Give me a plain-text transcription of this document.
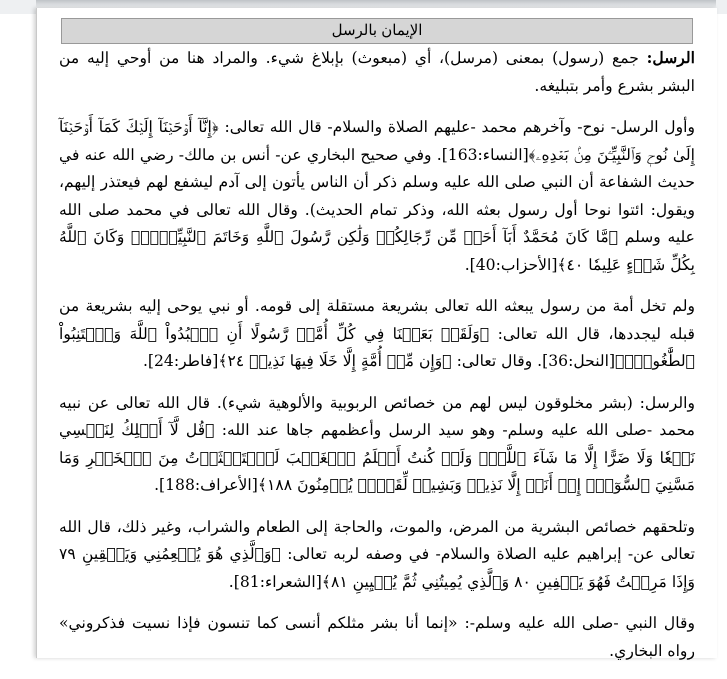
الإيمان بالرسل

الرسل: جمع (رسول) بمعنى (مرسل)، أي (مبعوث) بإبلاغ شيء. والمراد هنا من أوحي إليه من البشر بشرع وأمر بتبليغه.

وأول الرسل- نوح- وآخرهم محمد -عليهم الصلاة والسلام- قال الله تعالى: ﴿إِنَّآ أَوۡحَيۡنَآ إِلَيۡكَ كَمَآ أَوۡحَيۡنَآ إِلَىٰ نُوحٖ وَٱلنَّبِيِّـۧنَ مِنۢ بَعۡدِهِۦ﴾[النساء:163]. وفي صحيح البخاري عن- أنس بن مالك- رضي الله عنه في حديث الشفاعة أن النبي صلى الله عليه وسلم ذكر أن الناس يأتون إلى آدم ليشفع لهم فيعتذر إليهم، ويقول: ائتوا نوحا أول رسول بعثه الله، وذكر تمام الحديث). وقال الله تعالى في محمد صلى الله عليه وسلم ﴿مَّا كَانَ مُحَمَّدٌ أَبَآ أَحَدٖ مِّن رِّجَالِكُمۡ وَلَٰكِن رَّسُولَ ٱللَّهِ وَخَاتَمَ ٱلنَّبِيِّـۧنَۗ وَكَانَ ٱللَّهُ بِكُلِّ شَيۡءٍ عَلِيمٗا ٤٠﴾[الأحزاب:40].

ولم تخل أمة من رسول يبعثه الله تعالى بشريعة مستقلة إلى قومه. أو نبي يوحى إليه بشريعة من قبله ليجددها، قال الله تعالى: ﴿وَلَقَدۡ بَعَثۡنَا فِي كُلِّ أُمَّةٖ رَّسُولًا أَنِ ٱعۡبُدُواْ ٱللَّهَ وَٱجۡتَنِبُواْ ٱلطَّٰغُوتَۖ﴾[النحل:36]. وقال تعالى: ﴿وَإِن مِّنۡ أُمَّةٍ إِلَّا خَلَا فِيهَا نَذِيرٞ ٢٤﴾[فاطر:24].

والرسل: (بشر مخلوقون ليس لهم من خصائص الربوبية والألوهية شيء). قال الله تعالى عن نبيه محمد -صلى الله عليه وسلم- وهو سيد الرسل وأعظمهم جاها عند الله: ﴿قُل لَّآ أَمۡلِكُ لِنَفۡسِي نَفۡعٗا وَلَا ضَرًّا إِلَّا مَا شَآءَ ٱللَّهُۚ وَلَوۡ كُنتُ أَعۡلَمُ ٱلۡغَيۡبَ لَٱسۡتَكۡثَرۡتُ مِنَ ٱلۡخَيۡرِ وَمَا مَسَّنِيَ ٱلسُّوٓءُۚ إِنۡ أَنَا۠ إِلَّا نَذِيرٞ وَبَشِيرٞ لِّقَوۡمٖ يُؤۡمِنُونَ ١٨٨﴾[الأعراف:188].

وتلحقهم خصائص البشرية من المرض، والموت، والحاجة إلى الطعام والشراب، وغير ذلك، قال الله تعالى عن- إبراهيم عليه الصلاة والسلام- في وصفه لربه تعالى: ﴿وَٱلَّذِي هُوَ يُطۡعِمُنِي وَيَسۡقِينِ ٧٩ وَإِذَا مَرِضۡتُ فَهُوَ يَشۡفِينِ ٨٠ وَٱلَّذِي يُمِيتُنِي ثُمَّ يُحۡيِينِ ٨١﴾[الشعراء:81].

وقال النبي -صلى الله عليه وسلم-: «إنما أنا بشر مثلكم أنسى كما تنسون فإذا نسيت فذكروني» رواه البخاري.
